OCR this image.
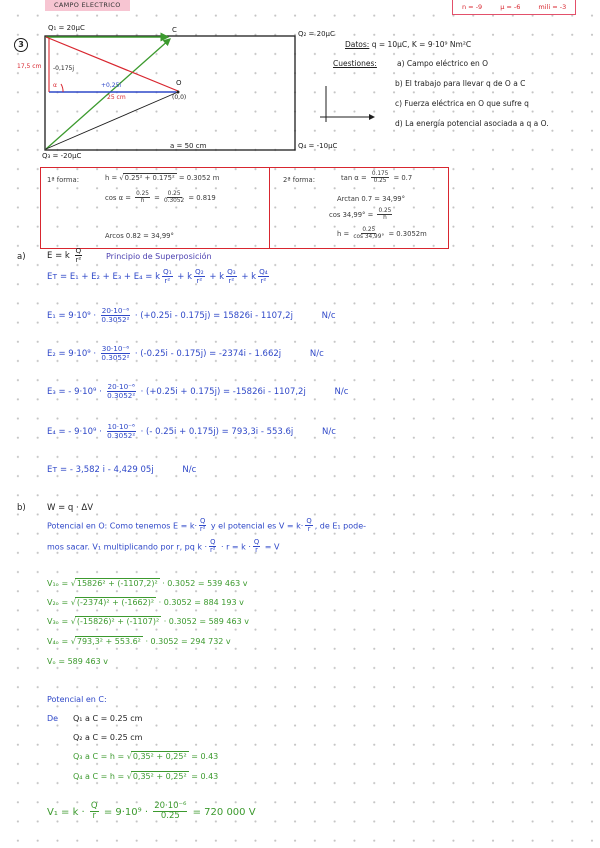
CAMPO ELECTRICO	n = -9	μ = -6	mili = -3
3
Q₁ = 20μC	C	Q₂ = 20μC
17,5 cm -0,175j
α	+0,25i
25 cm
O
(0,0)
a = 50 cm
Q₃ = -20μC
Q₄ = -10μC
Datos: q = 10μC, K = 9·10⁹ Nm²C
Cuestiones:	a) Campo eléctrico en O
b) El trabajo para llevar q de O a C
c) Fuerza eléctrica en O que sufre q
d) La energía potencial asociada a q a O.
1ª forma:	h = √0.25² + 0.175² = 0.3052 m
$\cos \alpha = \frac{0.25}{h} = \frac{0.25}{0.3052} = 0.819$
Arcos 0.82 = 34,99°
2ª forma:	$\tan \alpha = \frac{0.175}{0.25} = 0.7$
Arctan 0.7 = 34,99°
$\cos 34,99^\circ = \frac{0.25}{h}$
$h = \frac{0.25}{\cos 34,99^\circ} = 0.3052m$
a)	E = k $\frac{Q}{\text{r²}}$	Principio de Superposición
Eт = E₁ + E₂ + E₃ + E₄ = k $\frac{\text{Q₁}}{\text{r²}} + k \frac{\text{Q₂}}{\text{r²}} + k \frac{\text{Q₃}}{\text{r²}} + k \frac{\text{Q₄}}{\text{r²}}$
$E_1 = 9\cdot 10^9 \cdot \frac{\text{20·10⁻⁶}}{\text{0.3052²}} \cdot (+0.25i - 0.175j) = 15826i - 1107,2j$	N/c
$E_2 = 9\cdot 10^9 \cdot \frac{\text{30·10⁻⁶}}{\text{0.3052²}} \cdot (-0.25i - 0.175j) = -2374i - 1.662j$	N/c
E₃ = - $9\cdot 10^9 \cdot \frac{\text{20·10⁻⁶}}{\text{0.3052²}} \cdot (+0.25i + 0.175j) = -15826i - 1107,2j$	N/c
E₄ = - $9\cdot 10^9 \cdot \frac{\text{10·10⁻⁶}}{\text{0.3052²}}$ · (- 0.25i + 0.175j) = 793,3i - 553.6j	N/c
Eт = - 3,582 i - 4,429 05j	N/c
b)	W = q · ΔV
Potencial en O: Como tenemos $E = k\cdot \frac{Q}{\text{r²}}$ y el potencial es $V = k\cdot \frac{Q}{r}$ , de E₁ pode-
mos sacar. V₁ multiplicando por r, pq $k \cdot \frac{Q}{\text{r²}} \cdot r = k \cdot \frac{Q}{r} = V$
V₁ₒ = √15826² + (-1107,2)² · 0.3052 = 539 463 v
V₂ₒ = √(-2374)² + (-1662)² · 0.3052 = 884 193 v
V₃ₒ = √(-15826)² + (-1107)² · 0.3052 = 589 463 v
V₄ₒ = √793,3² + 553.6² · 0.3052 = 294 732 v
Vₒ = 589 463 v
Potencial en C:
De Q₁ a C = 0.25 cm
Q₂ a C = 0.25 cm
Q₃ a C = h = √0,35² + 0,25² = 0.43
Q₄ a C = h = √0,35² + 0,25² = 0.43
$V_1 = k \cdot \frac{Q}{r} = 9\cdot 10^9 \cdot \frac{\text{20·10⁻⁶}}{0.25} = 720$ 000 V
